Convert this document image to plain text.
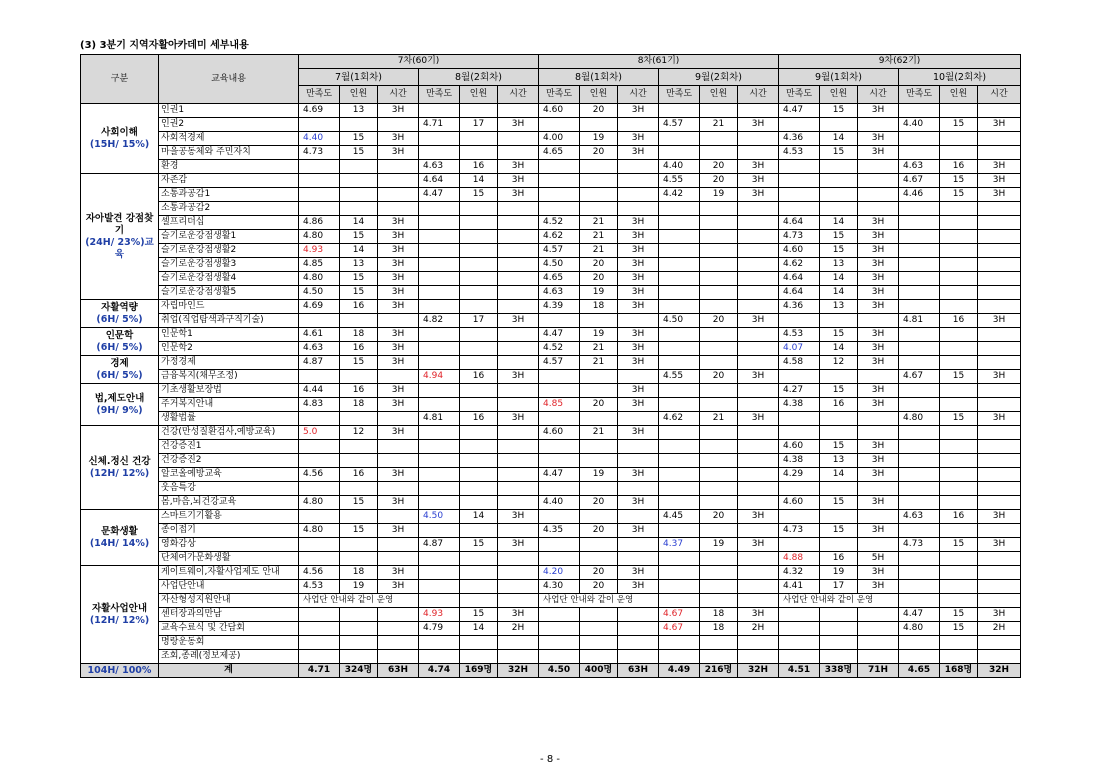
(3) 3분기 지역자활아카데미 세부내용
구분	교육내용	7차(60기)						8차(61기)						9차(62기)					
		7월(1회차)			8월(2회차)			8월(1회차)			9월(2회차)			9월(1회차)			10월(2회차)		
		만족도	인원	시간	만족도	인원	시간	만족도	인원	시간	만족도	인원	시간	만족도	인원	시간	만족도	인원	시간

사회이해
(15H/ 15%)	인권1	4.69	13	3H				4.60	20	3H				4.47	15	3H			
	인권2				4.71	17	3H				4.57	21	3H				4.40	15	3H
	사회적경제	4.40	15	3H				4.00	19	3H				4.36	14	3H			
	마을공동체와 주민자치	4.73	15	3H				4.65	20	3H				4.53	15	3H			
	환경				4.63	16	3H				4.40	20	3H				4.63	16	3H

자아발견 강점찾기
(24H/ 23%)교육	자존감				4.64	14	3H				4.55	20	3H				4.67	15	3H
	소통과공감1				4.47	15	3H				4.42	19	3H				4.46	15	3H
	소통과공감2																		
	셀프리더십	4.86	14	3H				4.52	21	3H				4.64	14	3H			
	슬기로운강점생활1	4.80	15	3H				4.62	21	3H				4.73	15	3H			
	슬기로운강점생활2	4.93	14	3H				4.57	21	3H				4.60	15	3H			
	슬기로운강점생활3	4.85	13	3H				4.50	20	3H				4.62	13	3H			
	슬기로운강점생활4	4.80	15	3H				4.65	20	3H				4.64	14	3H			
	슬기로운강점생활5	4.50	15	3H				4.63	19	3H				4.64	14	3H			

자활역량
(6H/ 5%)	자립마인드	4.69	16	3H				4.39	18	3H				4.36	13	3H			
	취업(직업탐색과구직기술)				4.82	17	3H				4.50	20	3H				4.81	16	3H

인문학
(6H/ 5%)	인문학1	4.61	18	3H				4.47	19	3H				4.53	15	3H			
	인문학2	4.63	16	3H				4.52	21	3H				4.07	14	3H			

경제
(6H/ 5%)	가정경제	4.87	15	3H				4.57	21	3H				4.58	12	3H			
	금융복지(채무조정)				4.94	16	3H				4.55	20	3H				4.67	15	3H

법,제도안내
(9H/ 9%)	기초생활보장법	4.44	16	3H						3H				4.27	15	3H			
	주거복지안내	4.83	18	3H				4.85	20	3H				4.38	16	3H			
	생활법률				4.81	16	3H				4.62	21	3H				4.80	15	3H

신체.정신 건강
(12H/ 12%)	건강(만성질환검사,예방교육)	5.0	12	3H				4.60	21	3H									
	건강증진1													4.60	15	3H			
	건강증진2													4.38	13	3H			
	알코올예방교육	4.56	16	3H				4.47	19	3H				4.29	14	3H			
	웃음특강																		
	몸,마음,뇌건강교육	4.80	15	3H				4.40	20	3H				4.60	15	3H			

문화생활
(14H/ 14%)	스마트기기활용				4.50	14	3H				4.45	20	3H				4.63	16	3H
	종이접기	4.80	15	3H				4.35	20	3H				4.73	15	3H			
	영화감상				4.87	15	3H				4.37	19	3H				4.73	15	3H
	단체여가문화생활													4.88	16	5H			

자활사업안내
(12H/ 12%)	게이트웨이,자활사업제도 안내	4.56	18	3H				4.20	20	3H				4.32	19	3H			
	사업단안내	4.53	19	3H				4.30	20	3H				4.41	17	3H			
	자산형성지원안내	사업단 안내와 같이 운영						사업단 안내와 같이 운영						사업단 안내와 같이 운영					
	센터장과의만남				4.93	15	3H				4.67	18	3H				4.47	15	3H
	교육수료식 및 간담회				4.79	14	2H				4.67	18	2H				4.80	15	2H
	명랑운동회																		
	조회,종례(정보제공)																		
104H/ 100%	계	4.71	324명	63H	4.74	169명	32H	4.50	400명	63H	4.49	216명	32H	4.51	338명	71H	4.65	168명	32H
- 8 -
